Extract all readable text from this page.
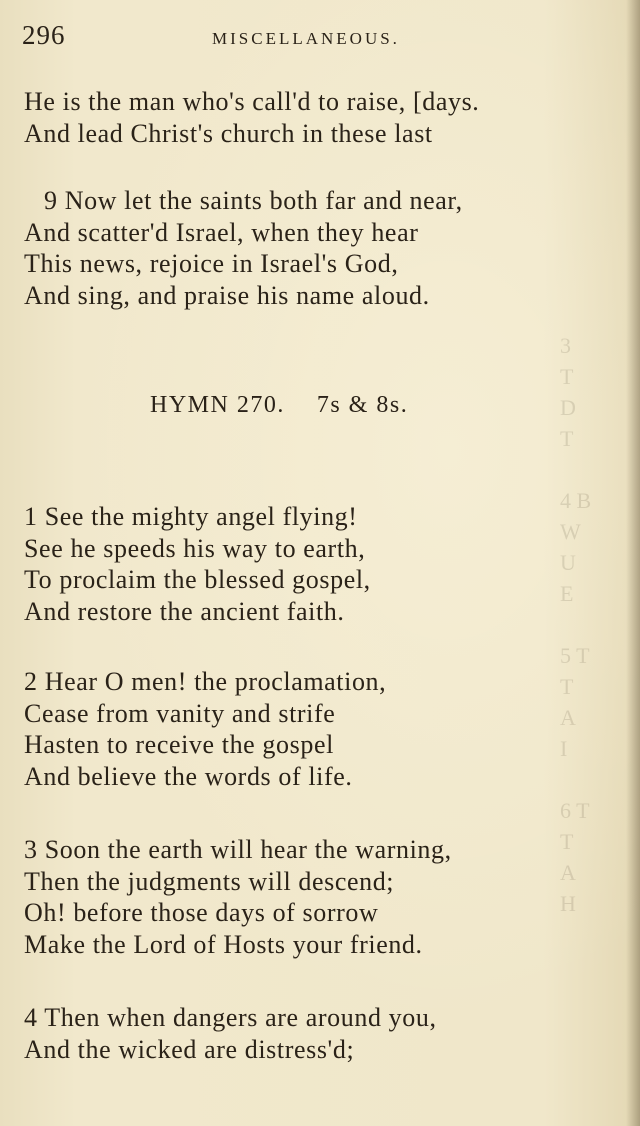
3
T
D
T

4 B
W
U
E

5 T
T
A
I

6 T
T
A
H
296	MISCELLANEOUS.
He is the man who's call'd to raise, [days.
And lead Christ's church in these last
9 Now let the saints both far and near,
And scatter'd Israel, when they hear
This news, rejoice in Israel's God,
And sing, and praise his name aloud.
HYMN 270. 7s & 8s.
1 See the mighty angel flying!
See he speeds his way to earth,
To proclaim the blessed gospel,
And restore the ancient faith.
2 Hear O men! the proclamation,
Cease from vanity and strife
Hasten to receive the gospel
And believe the words of life.
3 Soon the earth will hear the warning,
Then the judgments will descend;
Oh! before those days of sorrow
Make the Lord of Hosts your friend.
4 Then when dangers are around you,
And the wicked are distress'd;
